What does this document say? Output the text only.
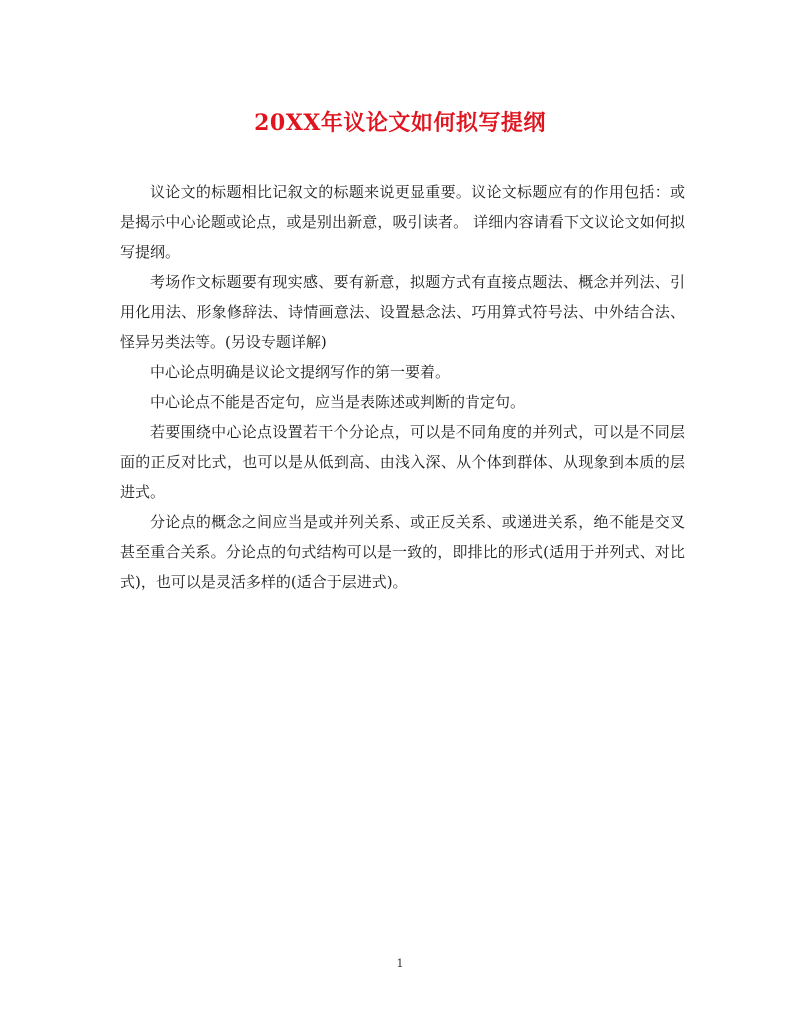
20XX年议论文如何拟写提纲

议论文的标题相比记叙文的标题来说更显重要。议论文标题应有的作用包括：或是揭示中心论题或论点，或是别出新意，吸引读者。 详细内容请看下文议论文如何拟写提纲。

考场作文标题要有现实感、要有新意，拟题方式有直接点题法、概念并列法、引用化用法、形象修辞法、诗情画意法、设置悬念法、巧用算式符号法、中外结合法、怪异另类法等。(另设专题详解)

中心论点明确是议论文提纲写作的第一要着。

中心论点不能是否定句，应当是表陈述或判断的肯定句。

若要围绕中心论点设置若干个分论点，可以是不同角度的并列式，可以是不同层面的正反对比式，也可以是从低到高、由浅入深、从个体到群体、从现象到本质的层进式。

分论点的概念之间应当是或并列关系、或正反关系、或递进关系，绝不能是交叉甚至重合关系。分论点的句式结构可以是一致的，即排比的形式(适用于并列式、对比式)，也可以是灵活多样的(适合于层进式)。

1
